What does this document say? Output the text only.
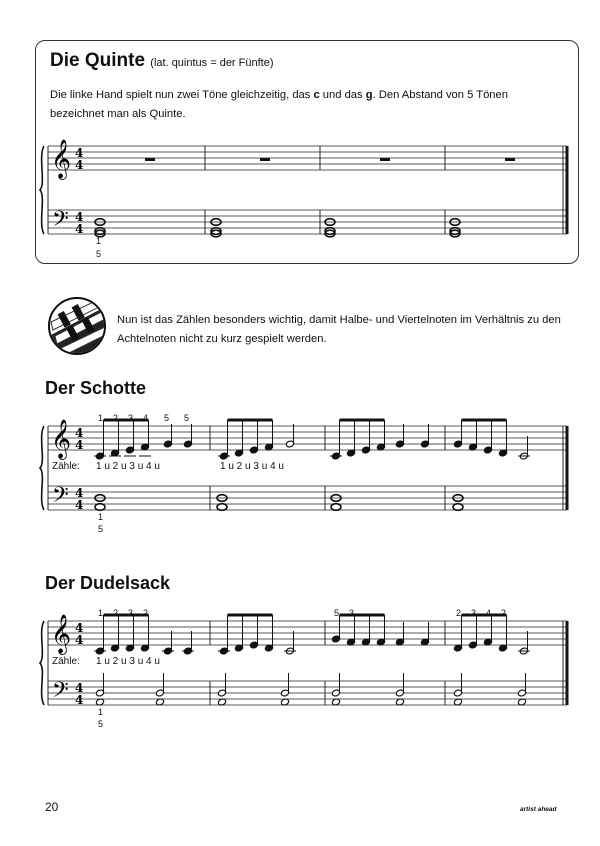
Die Quinte (lat. quintus = der Fünfte)
Die linke Hand spielt nun zwei Töne gleichzeitig, das c und das g. Den Abstand von 5 Tönen bezeichnet man als Quinte.
𝄞
𝄢
4
4
4
4
1
5
Nun ist das Zählen besonders wichtig, damit Halbe- und Viertelnoten im Verhältnis zu den Achtelnoten nicht zu kurz gespielt werden.
Der Schotte
𝄞
𝄢
4
4
4
4
1 2 3 4 5 5
Zähle: 1 u 2 u 3 u 4 u	1 u 2 u 3 u 4 u
1
5
Der Dudelsack
𝄞
𝄢
4
4
4
4
1 2 3 2	5 3	2 3 4 2
Zähle: 1 u 2 u 3 u 4 u
1
5
20	artist ahead
